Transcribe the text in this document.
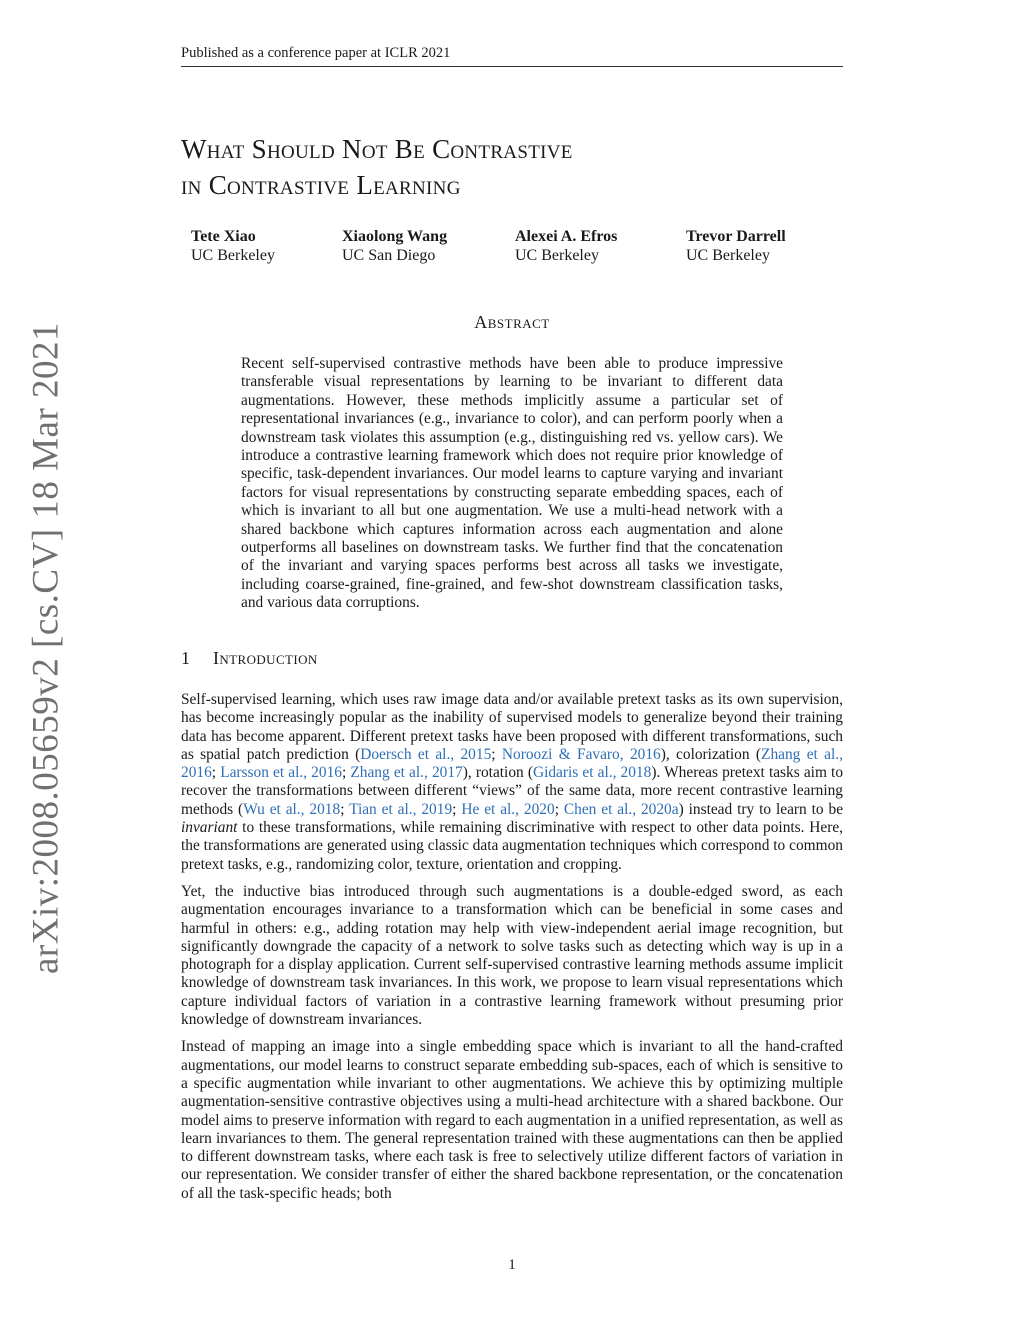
Published as a conference paper at ICLR 2021
What Should Not Be Contrastive
in Contrastive Learning
Tete Xiao
UC Berkeley
Xiaolong Wang
UC San Diego
Alexei A. Efros
UC Berkeley
Trevor Darrell
UC Berkeley
Abstract
Recent self-supervised contrastive methods have been able to produce impressive transferable visual representations by learning to be invariant to different data augmentations. However, these methods implicitly assume a particular set of representational invariances (e.g., invariance to color), and can perform poorly when a downstream task violates this assumption (e.g., distinguishing red vs. yellow cars). We introduce a contrastive learning framework which does not require prior knowledge of specific, task-dependent invariances. Our model learns to capture varying and invariant factors for visual representations by constructing separate embedding spaces, each of which is invariant to all but one augmentation. We use a multi-head network with a shared backbone which captures information across each augmentation and alone outperforms all baselines on downstream tasks. We further find that the concatenation of the invariant and varying spaces performs best across all tasks we investigate, including coarse-grained, fine-grained, and few-shot downstream classification tasks, and various data corruptions.
1 Introduction

Self-supervised learning, which uses raw image data and/or available pretext tasks as its own supervision, has become increasingly popular as the inability of supervised models to generalize beyond their training data has become apparent. Different pretext tasks have been proposed with different transformations, such as spatial patch prediction (Doersch et al., 2015; Noroozi & Favaro, 2016), colorization (Zhang et al., 2016; Larsson et al., 2016; Zhang et al., 2017), rotation (Gidaris et al., 2018). Whereas pretext tasks aim to recover the transformations between different “views” of the same data, more recent contrastive learning methods (Wu et al., 2018; Tian et al., 2019; He et al., 2020; Chen et al., 2020a) instead try to learn to be invariant to these transformations, while remaining discriminative with respect to other data points. Here, the transformations are generated using classic data augmentation techniques which correspond to common pretext tasks, e.g., randomizing color, texture, orientation and cropping.

Yet, the inductive bias introduced through such augmentations is a double-edged sword, as each augmentation encourages invariance to a transformation which can be beneficial in some cases and harmful in others: e.g., adding rotation may help with view-independent aerial image recognition, but significantly downgrade the capacity of a network to solve tasks such as detecting which way is up in a photograph for a display application. Current self-supervised contrastive learning methods assume implicit knowledge of downstream task invariances. In this work, we propose to learn visual representations which capture individual factors of variation in a contrastive learning framework without presuming prior knowledge of downstream invariances.

Instead of mapping an image into a single embedding space which is invariant to all the hand-crafted augmentations, our model learns to construct separate embedding sub-spaces, each of which is sensitive to a specific augmentation while invariant to other augmentations. We achieve this by optimizing multiple augmentation-sensitive contrastive objectives using a multi-head architecture with a shared backbone. Our model aims to preserve information with regard to each augmentation in a unified representation, as well as learn invariances to them. The general representation trained with these augmentations can then be applied to different downstream tasks, where each task is free to selectively utilize different factors of variation in our representation. We consider transfer of either the shared backbone representation, or the concatenation of all the task-specific heads; both

1
arXiv:2008.05659v2 [cs.CV] 18 Mar 2021
